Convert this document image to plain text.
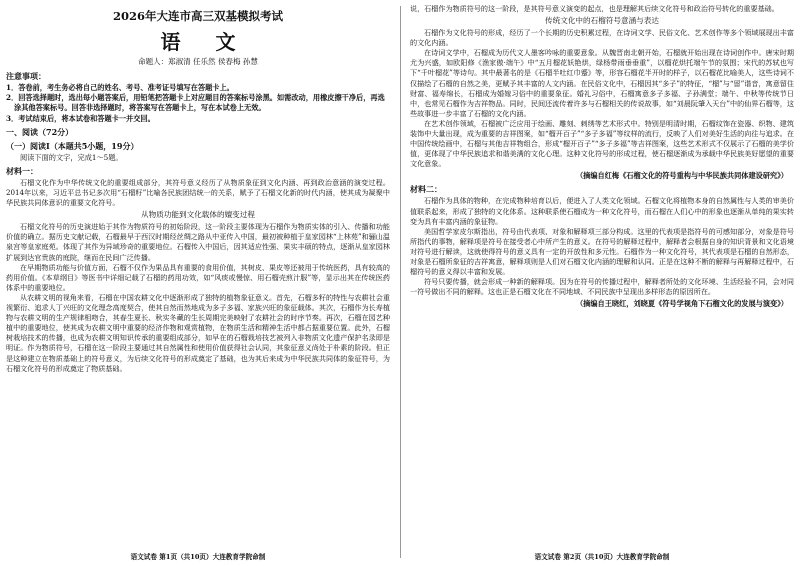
2026年大连市高三双基模拟考试
语 文
命题人：郑淑清 任乐然 侯春梅 孙慧
注意事项：

1．答卷前，考生务必将自己的姓名、考号、准考证号填写在答题卡上。

2．回答选择题时，选出每小题答案后，用铅笔把答题卡上对应题目的答案标号涂黑。如需改动，用橡皮擦干净后，再选涂其他答案标号。回答非选择题时，将答案写在答题卡上，写在本试卷上无效。

3．考试结束后，将本试卷和答题卡一并交回。

一、阅读（72分）
（一）阅读Ⅰ（本题共5小题，19分）

阅读下面的文字，完成1～5题。

材料一：

石榴文化作为中华传统文化的重要组成部分，其符号意义经历了从物质象征到文化内涵、再到政治意涵的演变过程。2014年以来，习近平总书记多次用“石榴籽”比喻各民族团结统一的关系，赋予了石榴文化新的时代内涵，使其成为凝聚中华民族共同体意识的重要文化符号。

从物质功能到文化载体的嬗变过程

石榴文化符号的历史演进始于其作为物质符号的初始阶段，这一阶段主要体现为石榴作为物质实体的引入、传播和功能价值的确立。据历史文献记载，石榴最早于西汉时期经丝绸之路从中亚传入中国，最初被种植于皇家园林“上林苑”和骊山温泉宫等皇家庭苑。体现了其作为异域珍奇的重要地位。石榴传入中国后，因其适应性强、果实丰硕的特点，逐渐从皇家园林扩展到达官贵族的庭院，继而在民间广泛传播。

在早期物质功能与价值方面，石榴不仅作为果品具有重要的食用价值，其树皮、果皮等还被用于传统医药，具有较高的药用价值。《本草纲目》等医书中详细记载了石榴的药用功效，如“风痰或慢惊、用石榴壳煎汁服”等，显示出其在传统医药体系中的重要地位。

从农耕文明的视角来看，石榴在中国农耕文化中逐渐形成了独特的植物象征意义。首先，石榴多籽的特性与农耕社会重视繁衍、追求人丁兴旺的文化理念高度契合，使其自然而然地成为多子多福、家族兴旺的象征载体。其次，石榴作为长寿植物与农耕文明的生产规律相吻合，其春生夏长、秋实冬藏的生长周期完美映射了农耕社会的时序节奏。再次，石榴在园艺种植中的重要地位，使其成为农耕文明中重要的经济作物和观赏植物，在物质生活和精神生活中都占据重要位置。此外，石榴树栽培技术的传播，也成为农耕文明知识传承的重要组成部分，如早在的石榴栽培技艺被列入非物质文化遗产保护名录即是明证。作为物质符号，石榴在这一阶段主要通过其自然属性和使用价值获得社会认同，其象征意义尚处于朴素的阶段。但正是这种建立在物质基础上的符号意义，为后续文化符号的形成奠定了基础，也为其后来成为中华民族共同体的象征符号，为石榴文化符号的形成奠定了物质基础。

语文试卷 第1页（共10页）大连教育学院命制

说，石榴作为物质符号的这一阶段，是其符号意义演变的起点，也是理解其后续文化符号和政治符号转化的重要基础。

传统文化中的石榴符号意涵与表达

石榴作为文化符号的形成，经历了一个长期的历史积累过程，在诗词文学、民俗文化、艺术创作等多个领域展现出丰富的文化内涵。

在诗词文学中，石榴成为历代文人墨客吟咏的重要意象。从魏晋南北朝开始，石榴就开始出现在诗词创作中。唐宋时期尤为兴盛，如欧阳修《渔家傲·端午》中“五月榴花妖艳烘，绿杨带雨垂垂重”，以榴花烘托端午节的氛围；宋代的苏轼也写下“千叶榴花”等诗句。其中最著名的是《石榴半吐红巾蹙》等，形容石榴花半开时的样子，以石榴花比喻美人，这些诗词不仅描绘了石榴的自然之美，更赋予其丰富的人文内涵。在民俗文化中，石榴因其“多子”的特征，“榴”与“留”谐音，寓意留住财富、福寿绵长，石榴成为婚嫁习俗中的重要象征。婚礼习俗中，石榴寓意多子多福、子孙满堂；端午、中秋等传统节日中，也常见石榴作为吉祥物品。同时，民间还流传着许多与石榴相关的传说故事，如“刘晨阮肇入天台”中的仙界石榴等，这些故事进一步丰富了石榴的文化内涵。

在艺术创作领域，石榴被广泛应用于绘画、雕刻、刺绣等艺术形式中。特别是明清时期，石榴纹饰在瓷器、织物、建筑装饰中大量出现，成为重要的吉祥图案，如“榴开百子”“多子多福”等纹样的流行，反映了人们对美好生活的向往与追求。在中国传统绘画中，石榴与其他吉祥物组合，形成“榴开百子”“多子多福”等吉祥图案，这些艺术形式不仅展示了石榴的美学价值，更体现了中华民族追求和谐美满的文化心理。这种文化符号的形成过程，使石榴逐渐成为承载中华民族美好愿望的重要文化意象。

（摘编自红梅《石榴文化的符号重构与中华民族共同体建设研究》）
材料二：

石榴作为具体的物种，在完成物种培育以后，便进入了人类文化领域。石榴文化将植物本身的自然属性与人类的审美价值联系起来，形成了独特的文化体系。这种联系使石榴成为一种文化符号，而石榴在人们心中的形象也逐渐从单纯的果实转变为具有丰富内涵的象征物。

美国哲学家皮尔斯指出，符号由代表项、对象和解释项三部分构成。这里的代表项是指符号的可感知部分，对象是符号所指代的事物，解释项是符号在接受者心中所产生的意义。在符号的解释过程中，解释者会根据自身的知识背景和文化语境对符号进行解读，这就使得符号的意义具有一定的开放性和多元性。石榴作为一种文化符号，其代表项是石榴的自然形态，对象是石榴所象征的吉祥寓意，解释项则是人们对石榴文化内涵的理解和认同。正是在这种不断的解释与再解释过程中，石榴符号的意义得以丰富和发展。

符号只要传播，就会形成一种新的解释项。因为在符号的传播过程中，解释者所处的文化环境、生活经验不同，会对同一符号做出不同的解释。这也正是石榴文化在不同地域、不同民族中呈现出多样形态的原因所在。

（摘编自王晓红，刘晓夏《符号学视角下石榴文化的发展与演变》）
语文试卷 第2页（共10页）大连教育学院命制
